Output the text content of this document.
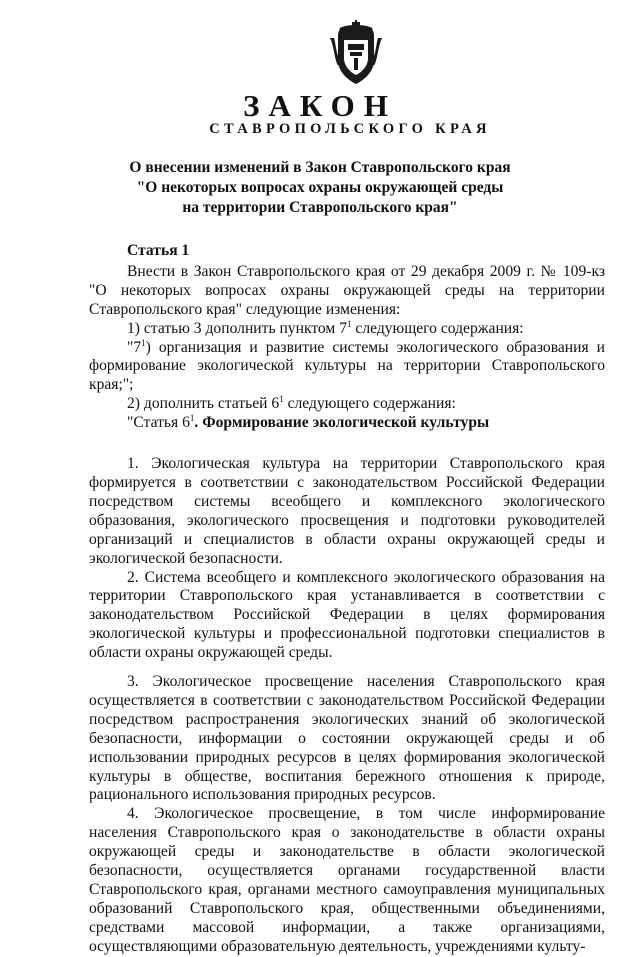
ЗАКОН
СТАВРОПОЛЬСКОГО КРАЯ
О внесении изменений в Закон Ставропольского края
"О некоторых вопросах охраны окружающей среды
на территории Ставропольского края"
Статья 1

Внести в Закон Ставропольского края от 29 декабря 2009 г. № 109-кз "О некоторых вопросах охраны окружающей среды на территории Ставропольского края" следующие изменения:

1) статью 3 дополнить пунктом $7^1$ следующего содержания:

"$7^1$) организация и развитие системы экологического образования и формирование экологической культуры на территории Ставропольского края;";

2) дополнить статьей $6^1$ следующего содержания:

"Статья $6^1$. Формирование экологической культуры

1. Экологическая культура на территории Ставропольского края формируется в соответствии с законодательством Российской Федерации посредством системы всеобщего и комплексного экологического образования, экологического просвещения и подготовки руководителей организаций и специалистов в области охраны окружающей среды и экологической безопасности.

2. Система всеобщего и комплексного экологического образования на территории Ставропольского края устанавливается в соответствии с законодательством Российской Федерации в целях формирования экологической культуры и профессиональной подготовки специалистов в области охраны окружающей среды.

3. Экологическое просвещение населения Ставропольского края осуществляется в соответствии с законодательством Российской Федерации посредством распространения экологических знаний об экологической безопасности, информации о состоянии окружающей среды и об использовании природных ресурсов в целях формирования экологической культуры в обществе, воспитания бережного отношения к природе, рационального использования природных ресурсов.

4. Экологическое просвещение, в том числе информирование населения Ставропольского края о законодательстве в области охраны окружающей среды и законодательстве в области экологической безопасности, осуществляется органами государственной власти Ставропольского края, органами местного самоуправления муниципальных образований Ставропольского края, общественными объединениями, средствами массовой информации, а также организациями, осуществляющими образовательную деятельность, учреждениями культу-
